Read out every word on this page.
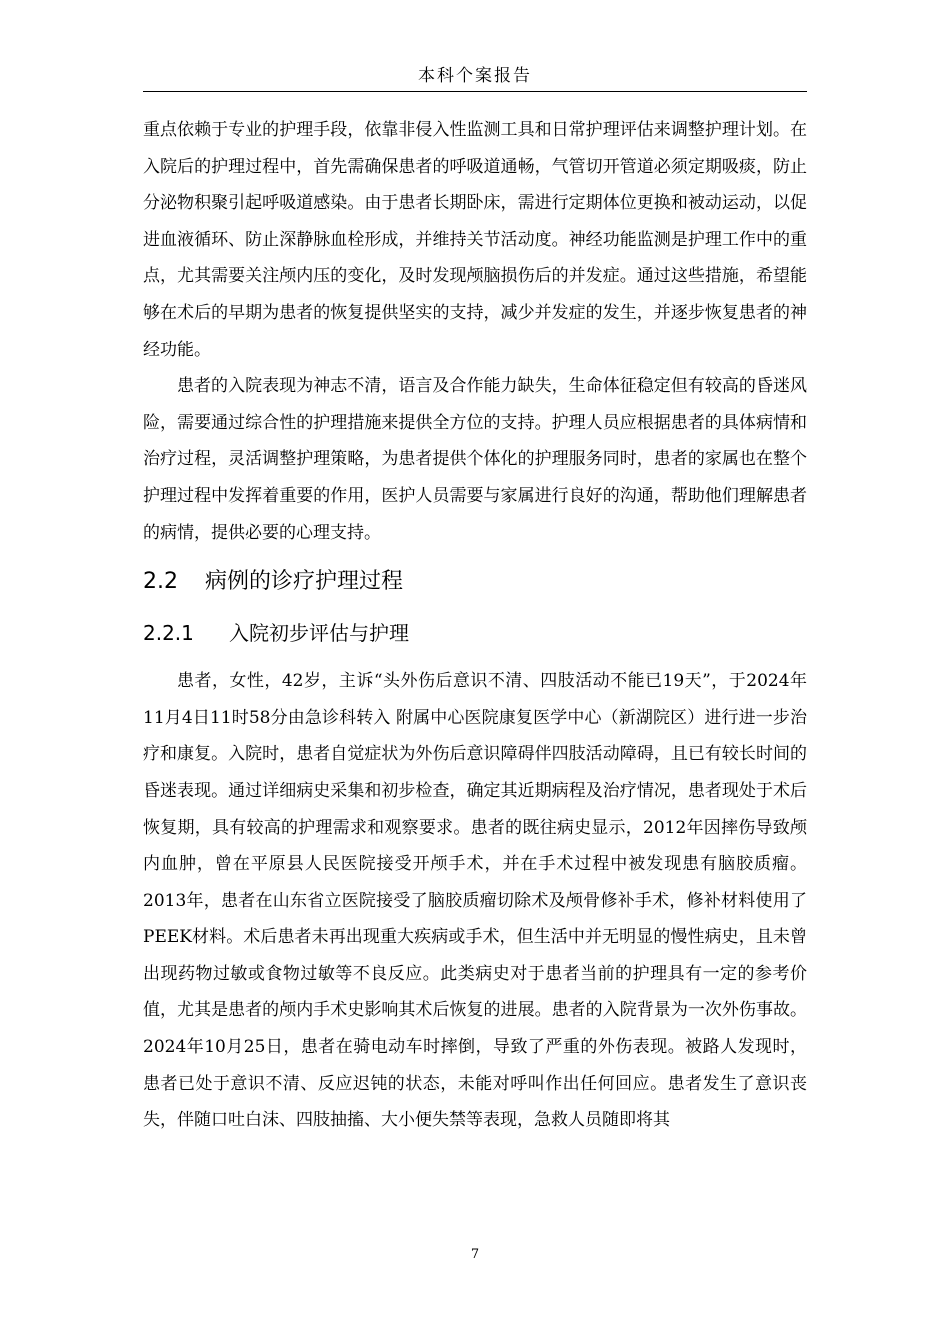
本科个案报告

重点依赖于专业的护理手段，依靠非侵入性监测工具和日常护理评估来调整护理计划。在入院后的护理过程中，首先需确保患者的呼吸道通畅，气管切开管道必须定期吸痰，防止分泌物积聚引起呼吸道感染。由于患者长期卧床，需进行定期体位更换和被动运动，以促进血液循环、防止深静脉血栓形成，并维持关节活动度。神经功能监测是护理工作中的重点，尤其需要关注颅内压的变化，及时发现颅脑损伤后的并发症。通过这些措施，希望能够在术后的早期为患者的恢复提供坚实的支持，减少并发症的发生，并逐步恢复患者的神经功能。

患者的入院表现为神志不清，语言及合作能力缺失，生命体征稳定但有较高的昏迷风险，需要通过综合性的护理措施来提供全方位的支持。护理人员应根据患者的具体病情和治疗过程，灵活调整护理策略，为患者提供个体化的护理服务同时，患者的家属也在整个护理过程中发挥着重要的作用，医护人员需要与家属进行良好的沟通，帮助他们理解患者的病情，提供必要的心理支持。

2.2 病例的诊疗护理过程
2.2.1 入院初步评估与护理

患者，女性，42岁，主诉“头外伤后意识不清、四肢活动不能已19天”，于2024年11月4日11时58分由急诊科转入 附属中心医院康复医学中心（新湖院区）进行进一步治疗和康复。入院时，患者自觉症状为外伤后意识障碍伴四肢活动障碍，且已有较长时间的昏迷表现。通过详细病史采集和初步检查，确定其近期病程及治疗情况，患者现处于术后恢复期，具有较高的护理需求和观察要求。患者的既往病史显示，2012年因摔伤导致颅内血肿，曾在平原县人民医院接受开颅手术，并在手术过程中被发现患有脑胶质瘤。2013年，患者在山东省立医院接受了脑胶质瘤切除术及颅骨修补手术，修补材料使用了PEEK材料。术后患者未再出现重大疾病或手术，但生活中并无明显的慢性病史，且未曾出现药物过敏或食物过敏等不良反应。此类病史对于患者当前的护理具有一定的参考价值，尤其是患者的颅内手术史影响其术后恢复的进展。患者的入院背景为一次外伤事故。2024年10月25日，患者在骑电动车时摔倒，导致了严重的外伤表现。被路人发现时，患者已处于意识不清、反应迟钝的状态，未能对呼叫作出任何回应。患者发生了意识丧失，伴随口吐白沫、四肢抽搐、大小便失禁等表现，急救人员随即将其

7
